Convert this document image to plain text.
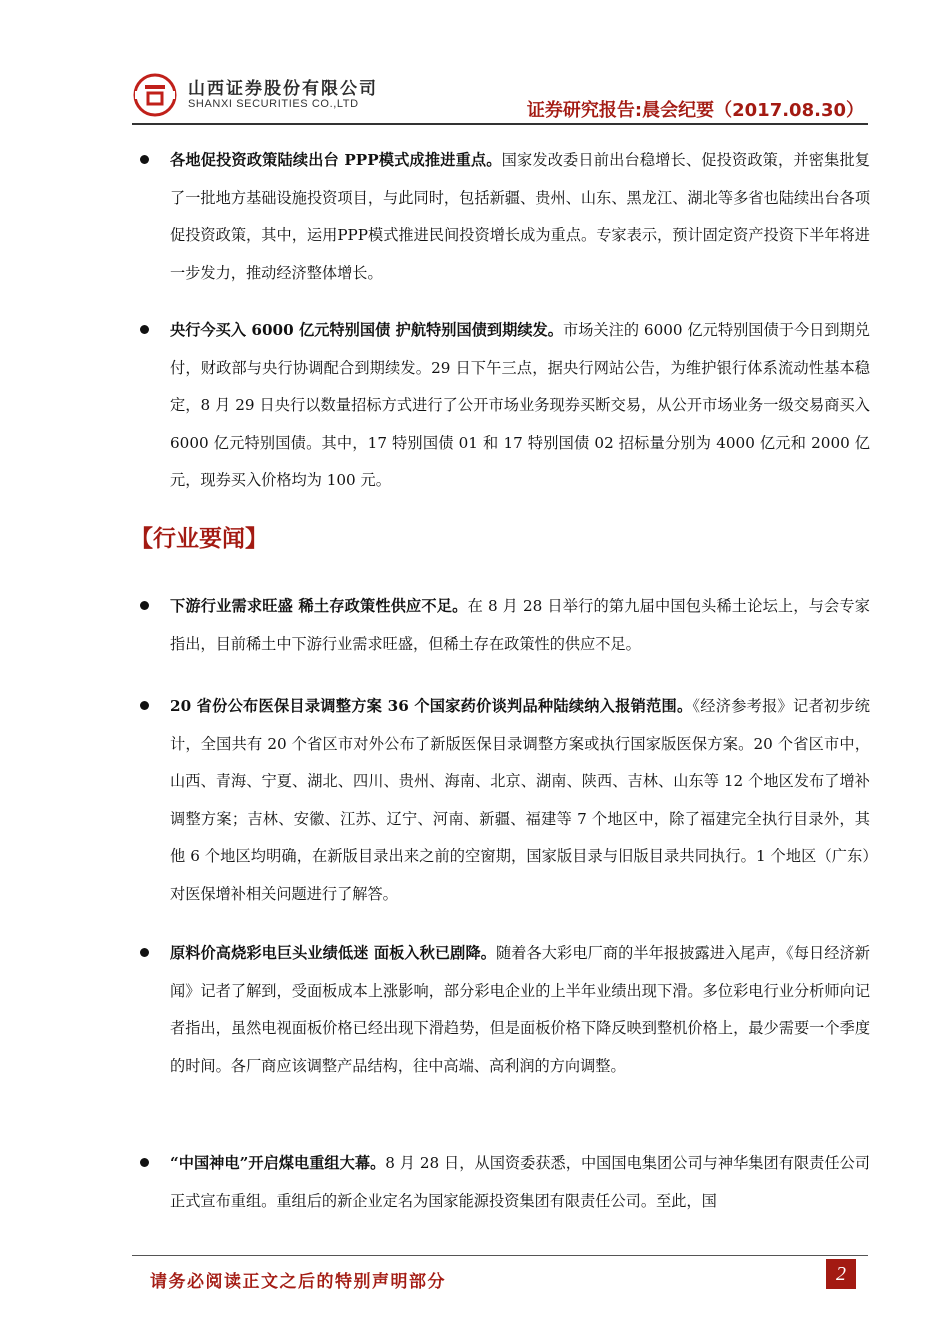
山西证券股份有限公司
SHANXI SECURITIES CO.,LTD	证券研究报告:晨会纪要（2017.08.30）
各地促投资政策陆续出台 PPP模式成推进重点。国家发改委日前出台稳增长、促投资政策，并密集批复了一批地方基础设施投资项目，与此同时，包括新疆、贵州、山东、黑龙江、湖北等多省也陆续出台各项促投资政策，其中，运用PPP模式推进民间投资增长成为重点。专家表示，预计固定资产投资下半年将进一步发力，推动经济整体增长。
央行今买入 6000 亿元特别国债 护航特别国债到期续发。市场关注的 6000 亿元特别国债于今日到期兑付，财政部与央行协调配合到期续发。29 日下午三点，据央行网站公告，为维护银行体系流动性基本稳定，8 月 29 日央行以数量招标方式进行了公开市场业务现券买断交易，从公开市场业务一级交易商买入 6000 亿元特别国债。其中，17 特别国债 01 和 17 特别国债 02 招标量分别为 4000 亿元和 2000 亿元，现券买入价格均为 100 元。
【行业要闻】
下游行业需求旺盛 稀土存政策性供应不足。在 8 月 28 日举行的第九届中国包头稀土论坛上，与会专家指出，目前稀土中下游行业需求旺盛，但稀土存在政策性的供应不足。
20 省份公布医保目录调整方案 36 个国家药价谈判品种陆续纳入报销范围。《经济参考报》记者初步统计，全国共有 20 个省区市对外公布了新版医保目录调整方案或执行国家版医保方案。20 个省区市中，山西、青海、宁夏、湖北、四川、贵州、海南、北京、湖南、陕西、吉林、山东等 12 个地区发布了增补调整方案；吉林、安徽、江苏、辽宁、河南、新疆、福建等 7 个地区中，除了福建完全执行目录外，其他 6 个地区均明确，在新版目录出来之前的空窗期，国家版目录与旧版目录共同执行。1 个地区（广东）对医保增补相关问题进行了解答。
原料价高烧彩电巨头业绩低迷 面板入秋已剧降。随着各大彩电厂商的半年报披露进入尾声，《每日经济新闻》记者了解到，受面板成本上涨影响，部分彩电企业的上半年业绩出现下滑。多位彩电行业分析师向记者指出，虽然电视面板价格已经出现下滑趋势，但是面板价格下降反映到整机价格上，最少需要一个季度的时间。各厂商应该调整产品结构，往中高端、高利润的方向调整。
“中国神电”开启煤电重组大幕。8 月 28 日，从国资委获悉，中国国电集团公司与神华集团有限责任公司正式宣布重组。重组后的新企业定名为国家能源投资集团有限责任公司。至此，国
请务必阅读正文之后的特别声明部分	2
